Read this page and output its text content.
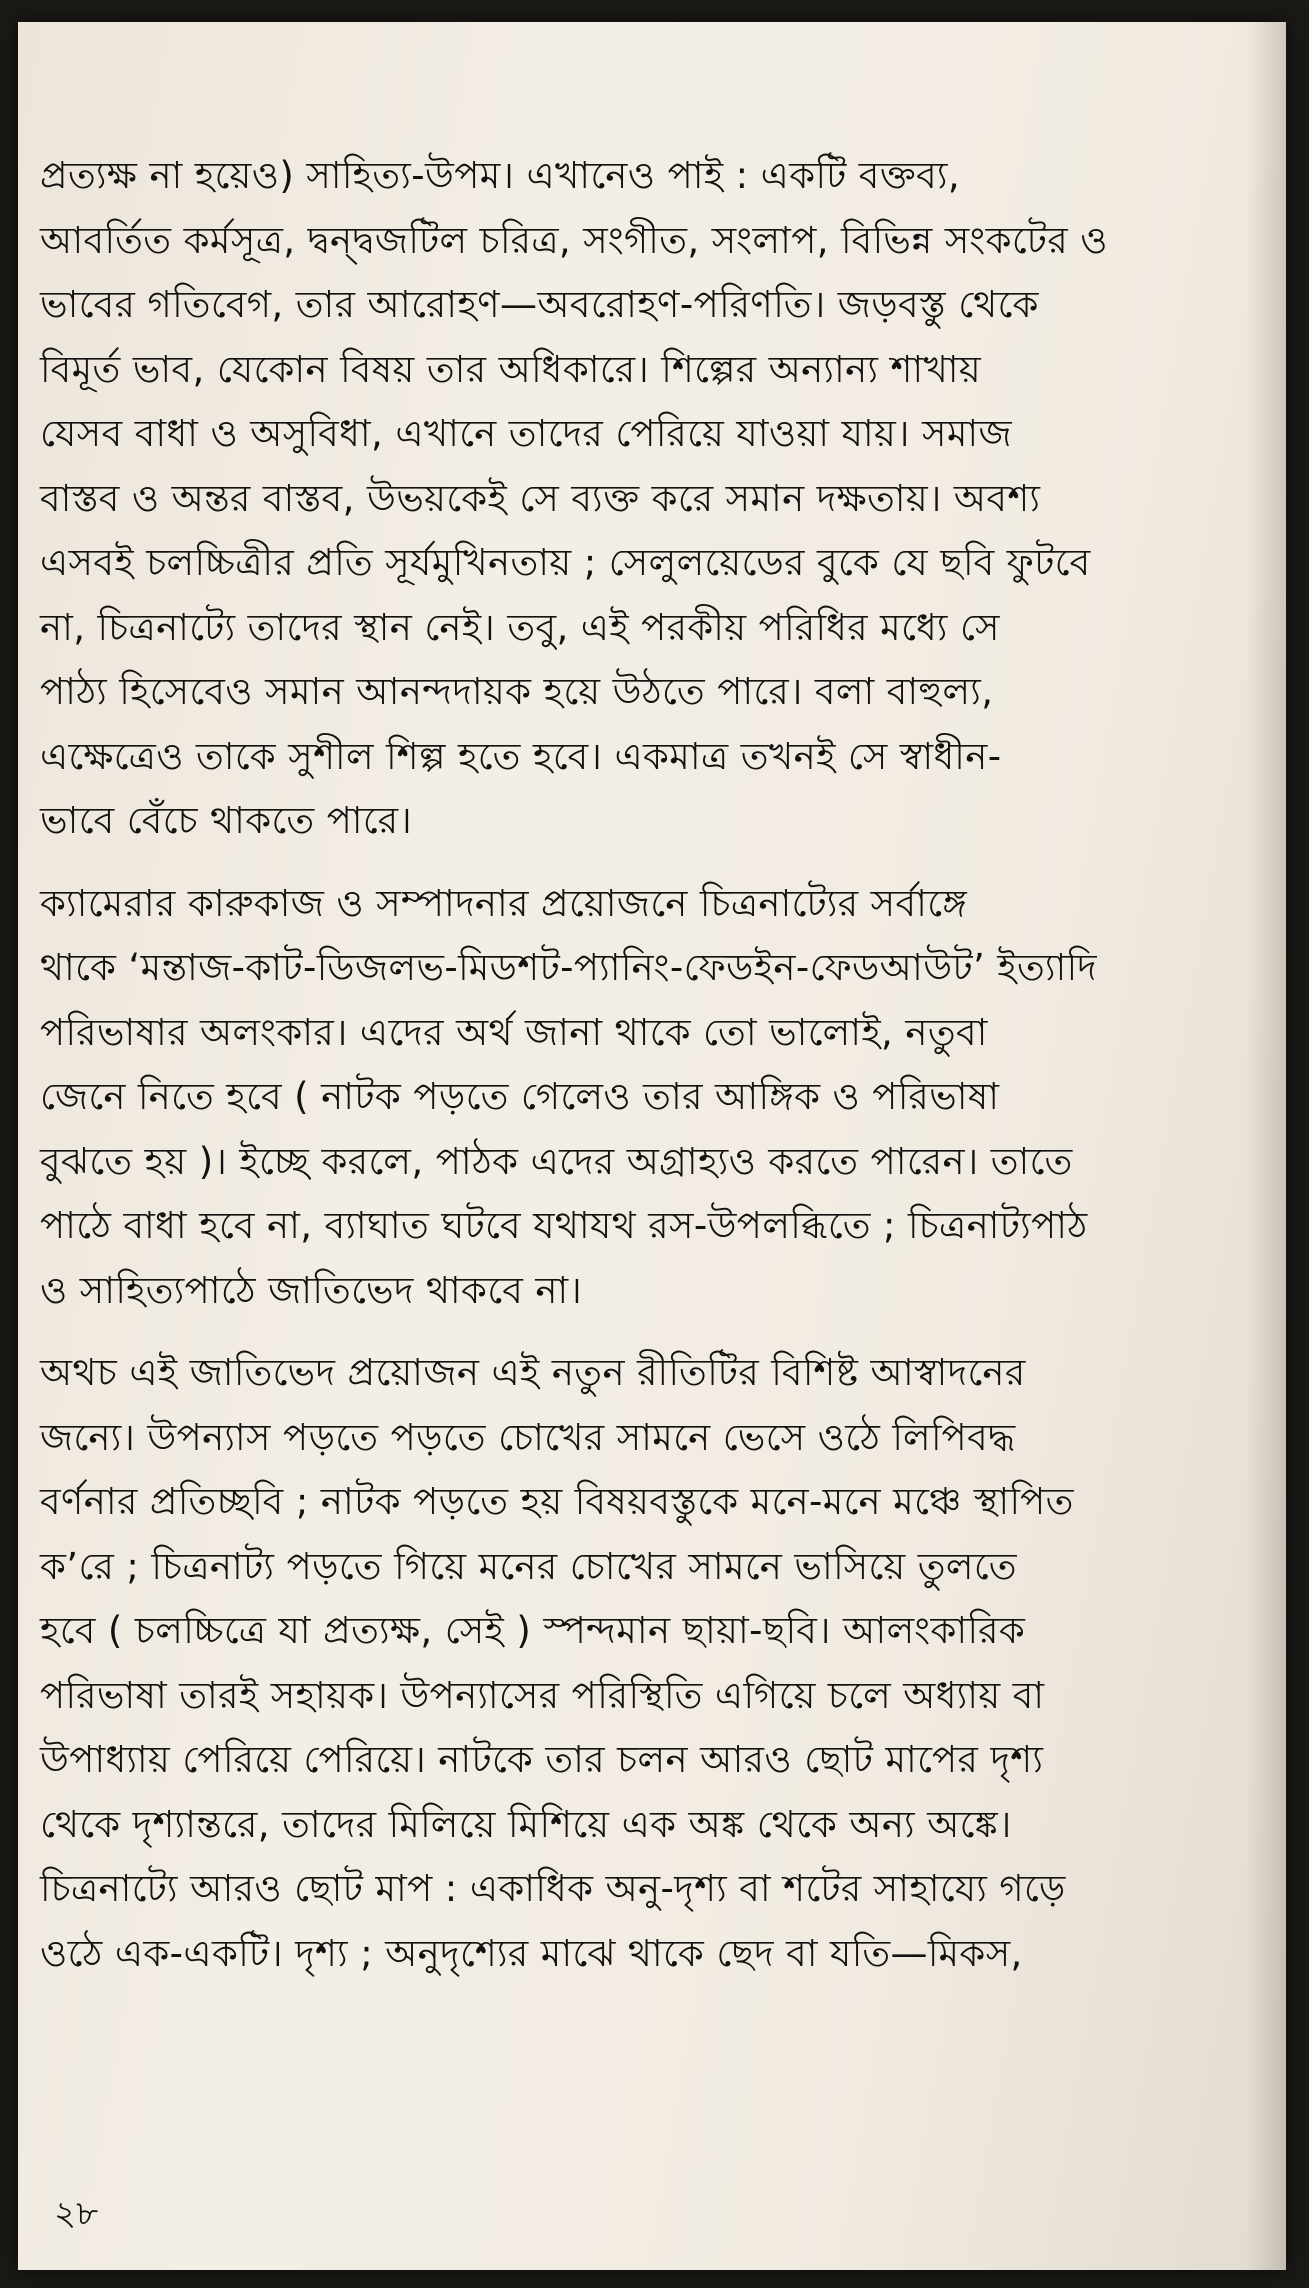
প্রত্যক্ষ না হয়েও) সাহিত্য-উপম। এখানেও পাই : একটি বক্তব্য,
আবর্তিত কর্মসূত্র, দ্বন্দ্বজটিল চরিত্র, সংগীত, সংলাপ, বিভিন্ন সংকটের ও
ভাবের গতিবেগ, তার আরোহণ—অবরোহণ-পরিণতি। জড়বস্তু থেকে
বিমূর্ত ভাব, যেকোন বিষয় তার অধিকারে। শিল্পের অন্যান্য শাখায়
যেসব বাধা ও অসুবিধা, এখানে তাদের পেরিয়ে যাওয়া যায়। সমাজ
বাস্তব ও অন্তর বাস্তব, উভয়কেই সে ব্যক্ত করে সমান দক্ষতায়। অবশ্য
এসবই চলচ্চিত্রীর প্রতি সূর্যমুখিনতায় ; সেলুলয়েডের বুকে যে ছবি ফুটবে
না, চিত্রনাট্যে তাদের স্থান নেই। তবু, এই পরকীয় পরিধির মধ্যে সে
পাঠ্য হিসেবেও সমান আনন্দদায়ক হয়ে উঠতে পারে। বলা বাহুল্য,
এক্ষেত্রেও তাকে সুশীল শিল্প হতে হবে। একমাত্র তখনই সে স্বাধীন-
ভাবে বেঁচে থাকতে পারে।
ক্যামেরার কারুকাজ ও সম্পাদনার প্রয়োজনে চিত্রনাট্যের সর্বাঙ্গে
থাকে ‘মন্তাজ-কাট-ডিজলভ-মিডশট-প্যানিং-ফেডইন-ফেডআউট’ ইত্যাদি
পরিভাষার অলংকার। এদের অর্থ জানা থাকে তো ভালোই, নতুবা
জেনে নিতে হবে ( নাটক পড়তে গেলেও তার আঙ্গিক ও পরিভাষা
বুঝতে হয় )। ইচ্ছে করলে, পাঠক এদের অগ্রাহ্যও করতে পারেন। তাতে
পাঠে বাধা হবে না, ব্যাঘাত ঘটবে যথাযথ রস-উপলব্ধিতে ; চিত্রনাট্যপাঠ
ও সাহিত্যপাঠে জাতিভেদ থাকবে না।
অথচ এই জাতিভেদ প্রয়োজন এই নতুন রীতিটির বিশিষ্ট আস্বাদনের
জন্যে। উপন্যাস পড়তে পড়তে চোখের সামনে ভেসে ওঠে লিপিবদ্ধ
বর্ণনার প্রতিচ্ছবি ; নাটক পড়তে হয় বিষয়বস্তুকে মনে-মনে মঞ্চে স্থাপিত
ক’রে ; চিত্রনাট্য পড়তে গিয়ে মনের চোখের সামনে ভাসিয়ে তুলতে
হবে ( চলচ্চিত্রে যা প্রত্যক্ষ, সেই ) স্পন্দমান ছায়া-ছবি। আলংকারিক
পরিভাষা তারই সহায়ক। উপন্যাসের পরিস্থিতি এগিয়ে চলে অধ্যায় বা
উপাধ্যায় পেরিয়ে পেরিয়ে। নাটকে তার চলন আরও ছোট মাপের দৃশ্য
থেকে দৃশ্যান্তরে, তাদের মিলিয়ে মিশিয়ে এক অঙ্ক থেকে অন্য অঙ্কে।
চিত্রনাট্যে আরও ছোট মাপ : একাধিক অনু-দৃশ্য বা শটের সাহায্যে গড়ে
ওঠে এক-একটি। দৃশ্য ; অনুদৃশ্যের মাঝে থাকে ছেদ বা যতি—মিকস,
২৮
